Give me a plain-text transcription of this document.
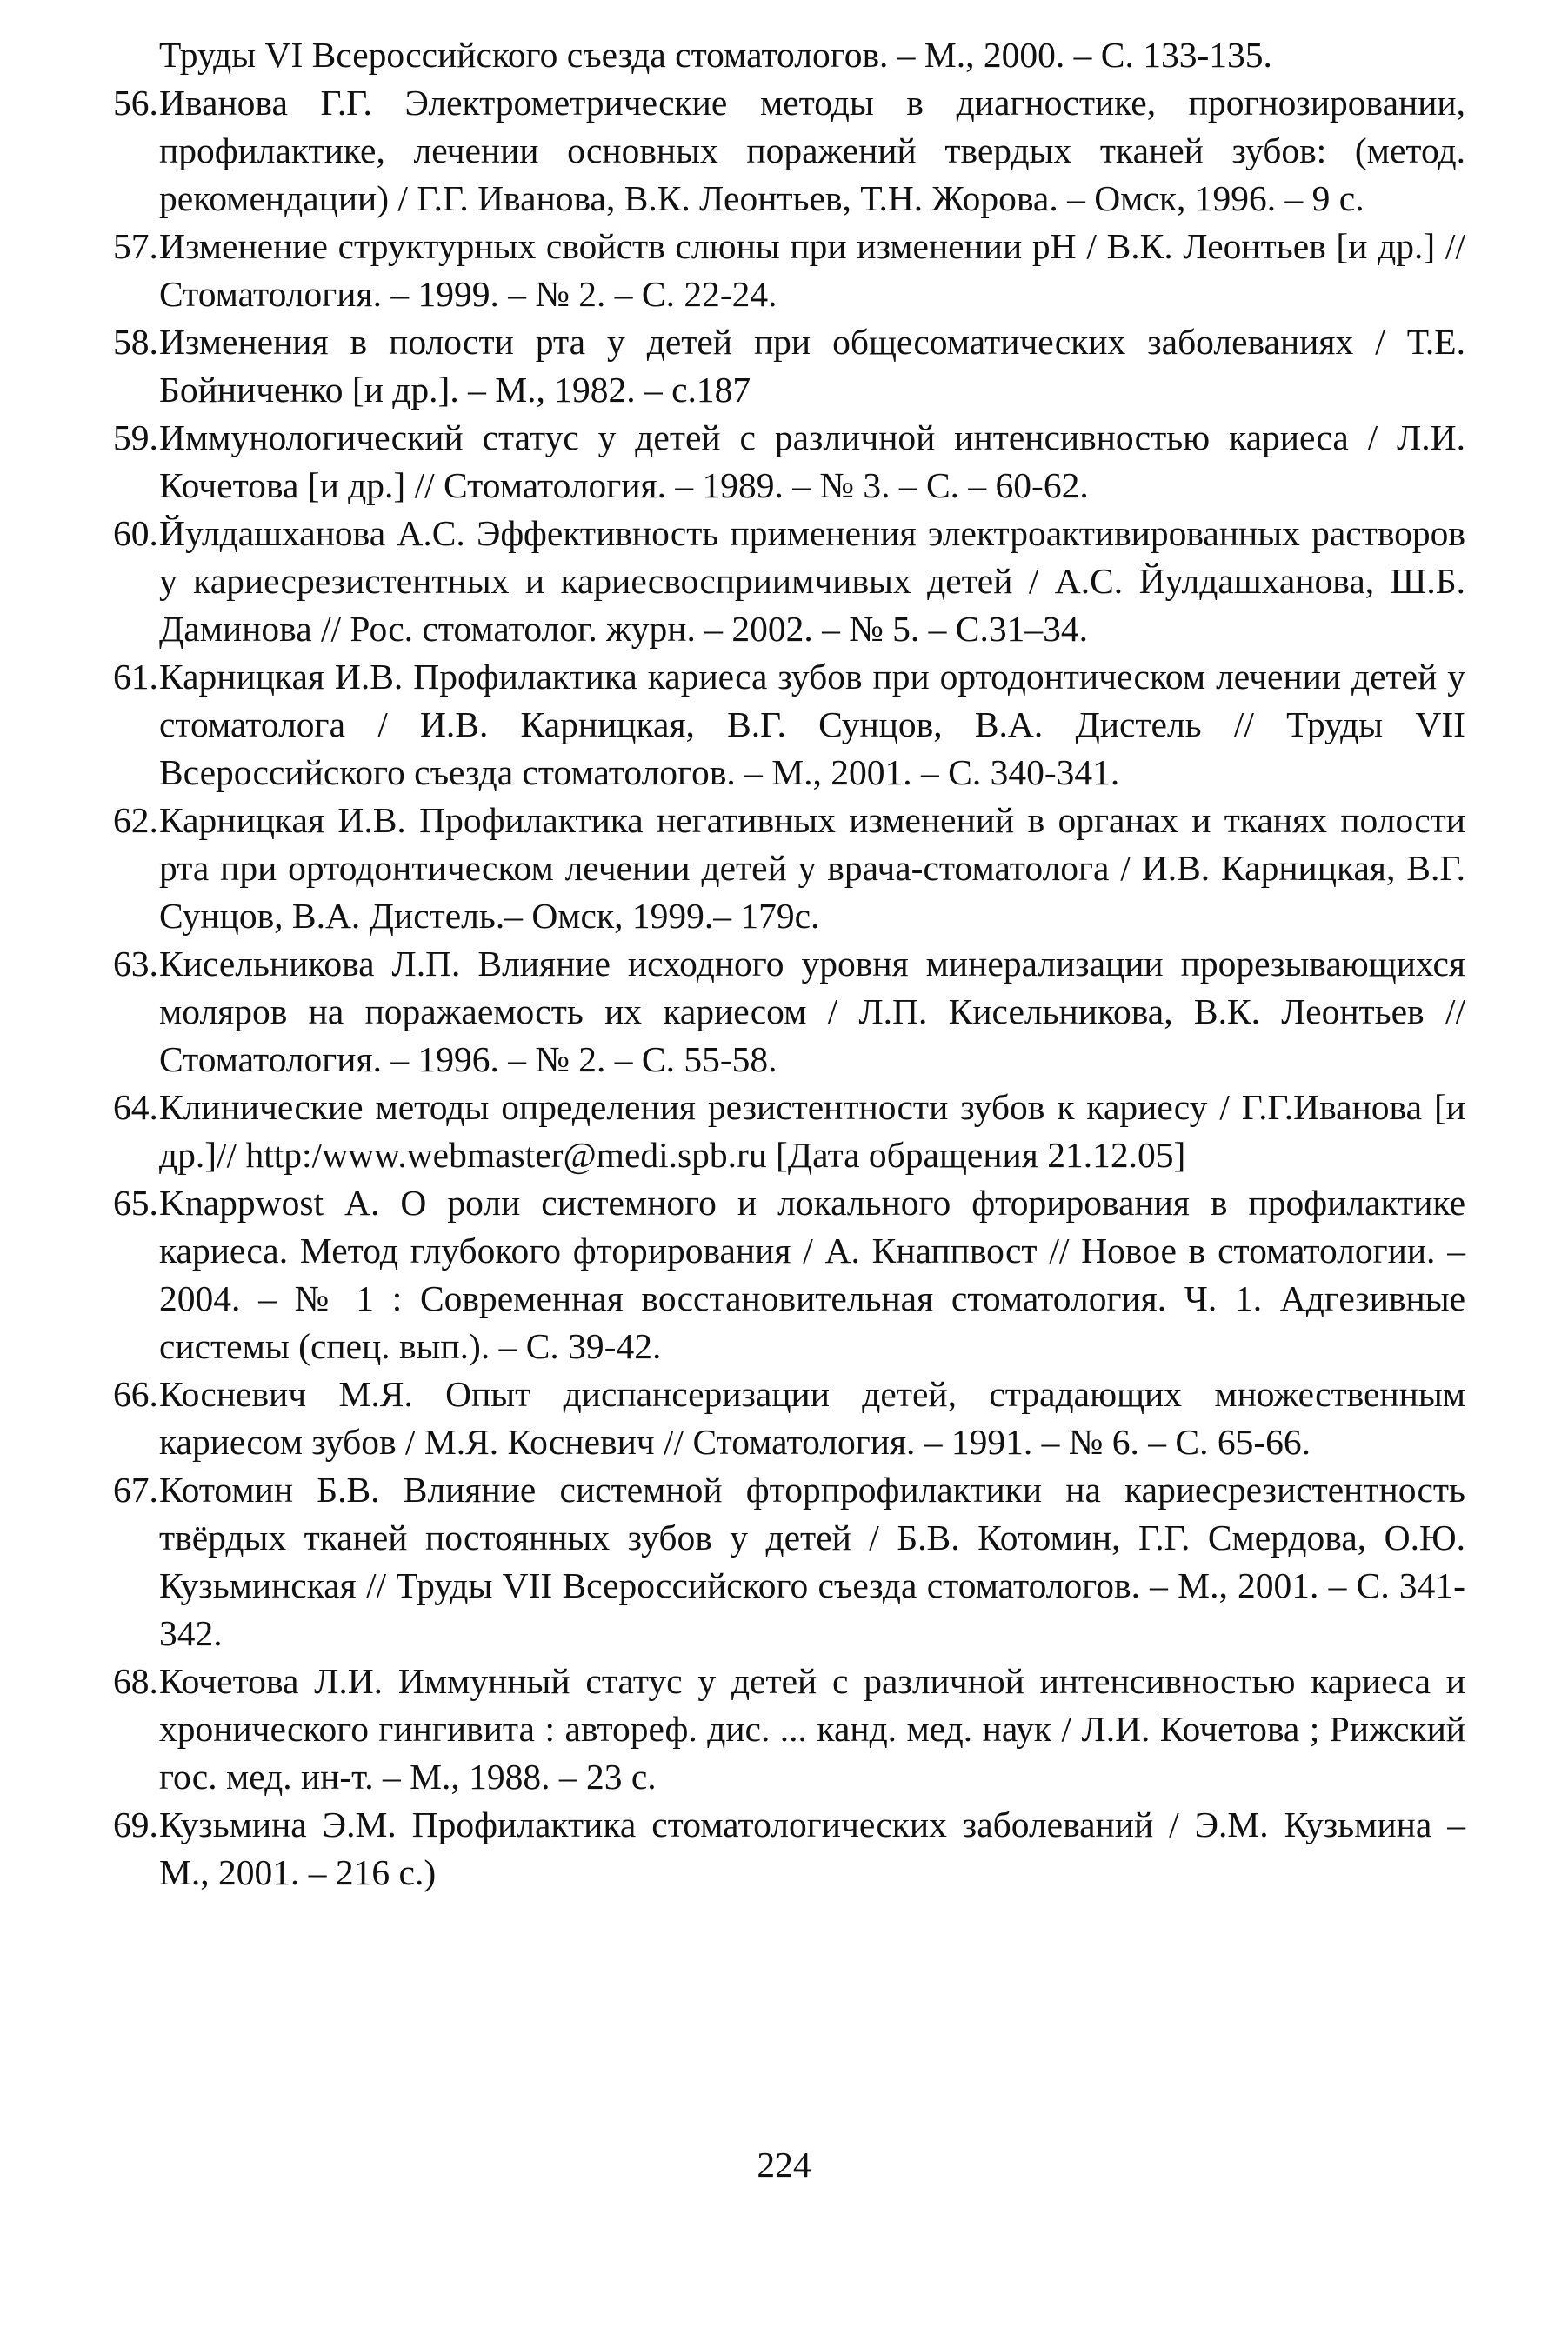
Труды VI Всероссийского съезда стоматологов. – М., 2000. – С. 133-135.
56. Иванова Г.Г. Электрометрические методы в диагностике, прогнозировании, профилактике, лечении основных поражений твердых тканей зубов: (метод. рекомендации) / Г.Г. Иванова, В.К. Леонтьев, Т.Н. Жорова. – Омск, 1996. – 9 с.
57. Изменение структурных свойств слюны при изменении pH / В.К. Леонтьев [и др.] // Стоматология. – 1999. – № 2. – С. 22-24.
58. Изменения в полости рта у детей при общесоматических заболеваниях / Т.Е. Бойниченко [и др.]. – М., 1982. – с.187
59. Иммунологический статус у детей с различной интенсивностью кариеса / Л.И. Кочетова [и др.] // Стоматология. – 1989. – № 3. – С. – 60-62.
60. Йулдашханова А.С. Эффективность применения электроактивированных растворов у кариесрезистентных и кариесвосприимчивых детей / А.С. Йулдашханова, Ш.Б. Даминова // Рос. стоматолог. журн. – 2002. – № 5. – С.31–34.
61. Карницкая И.В. Профилактика кариеса зубов при ортодонтическом лечении детей у стоматолога / И.В. Карницкая, В.Г. Сунцов, В.А. Дистель // Труды VII Всероссийского съезда стоматологов. – М., 2001. – С. 340-341.
62. Карницкая И.В. Профилактика негативных изменений в органах и тканях полости рта при ортодонтическом лечении детей у врача-стоматолога / И.В. Карницкая, В.Г. Сунцов, В.А. Дистель.– Омск, 1999.– 179с.
63. Кисельникова Л.П. Влияние исходного уровня минерализации прорезывающихся моляров на поражаемость их кариесом / Л.П. Кисельникова, В.К. Леонтьев // Стоматология. – 1996. – № 2. – С. 55-58.
64. Клинические методы определения резистентности зубов к кариесу / Г.Г.Иванова [и др.]// http:/www.webmaster@medi.spb.ru [Дата обращения 21.12.05]
65. Knappwost А. О роли системного и локального фторирования в профилактике кариеса. Метод глубокого фторирования / А. Кнаппвост // Новое в стоматологии. – 2004. – № 1 : Современная восстановительная стоматология. Ч. 1. Адгезивные системы (спец. вып.). – С. 39-42.
66. Косневич М.Я. Опыт диспансеризации детей, страдающих множественным кариесом зубов / М.Я. Косневич // Стоматология. – 1991. – № 6. – С. 65-66.
67. Котомин Б.В. Влияние системной фторпрофилактики на кариесрезистентность твёрдых тканей постоянных зубов у детей / Б.В. Котомин, Г.Г. Смердова, О.Ю. Кузьминская // Труды VII Всероссийского съезда стоматологов. – М., 2001. – С. 341-342.
68. Кочетова Л.И. Иммунный статус у детей с различной интенсивностью кариеса и хронического гингивита : автореф. дис. ... канд. мед. наук / Л.И. Кочетова ; Рижский гос. мед. ин-т. – М., 1988. – 23 с.
69. Кузьмина Э.М. Профилактика стоматологических заболеваний / Э.М. Кузьмина – М., 2001. – 216 с.)
224
